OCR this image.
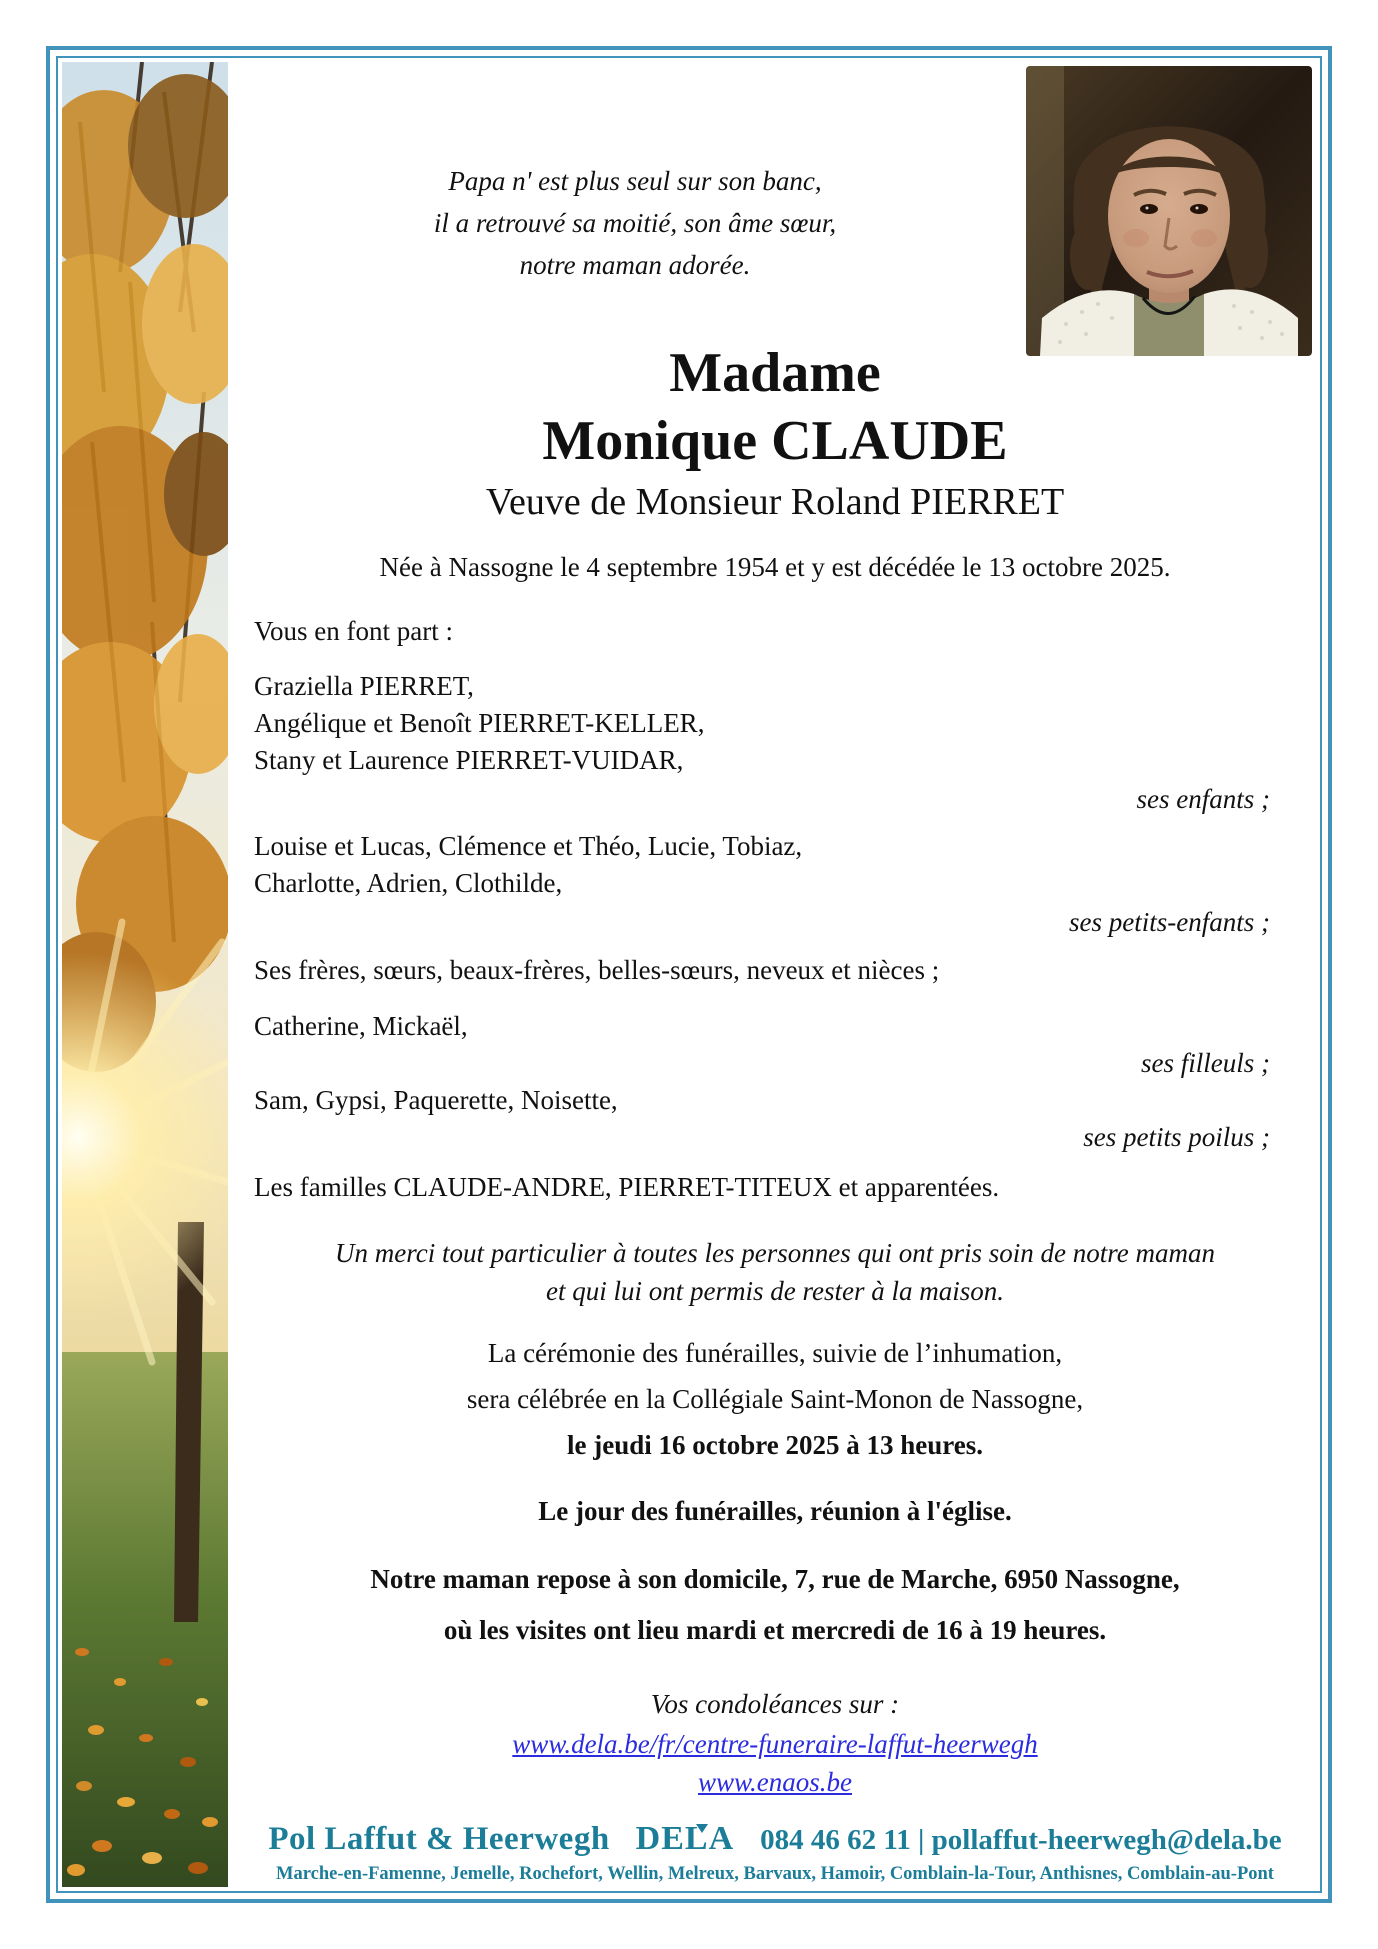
Papa n' est plus seul sur son banc,
il a retrouvé sa moitié, son âme sœur,
notre maman adorée.
Madame
Monique CLAUDE
Veuve de Monsieur Roland PIERRET
Née à Nassogne le 4 septembre 1954 et y est décédée le 13 octobre 2025.
Vous en font part :
Graziella PIERRET,
Angélique et Benoît PIERRET-KELLER,
Stany et Laurence PIERRET-VUIDAR,
ses enfants ;
Louise et Lucas, Clémence et Théo, Lucie, Tobiaz,
Charlotte, Adrien, Clothilde,
ses petits-enfants ;
Ses frères, sœurs, beaux-frères, belles-sœurs, neveux et nièces ;
Catherine, Mickaël,
ses filleuls ;
Sam, Gypsi, Paquerette, Noisette,
ses petits poilus ;
Les familles CLAUDE-ANDRE, PIERRET-TITEUX et apparentées.
Un merci tout particulier à toutes les personnes qui ont pris soin de notre maman
et qui lui ont permis de rester à la maison.
La cérémonie des funérailles, suivie de l’inhumation,
sera célébrée en la Collégiale Saint-Monon de Nassogne,
le jeudi 16 octobre 2025 à 13 heures.
Le jour des funérailles, réunion à l'église.
Notre maman repose à son domicile, 7, rue de Marche, 6950 Nassogne,
où les visites ont lieu mardi et mercredi de 16 à 19 heures.
Vos condoléances sur :
www.dela.be/fr/centre-funeraire-laffut-heerwegh
www.enaos.be
Pol Laffut & Heerwegh DELA 084 46 62 11 | pollaffut-heerwegh@dela.be
Marche-en-Famenne, Jemelle, Rochefort, Wellin, Melreux, Barvaux, Hamoir, Comblain-la-Tour, Anthisnes, Comblain-au-Pont
